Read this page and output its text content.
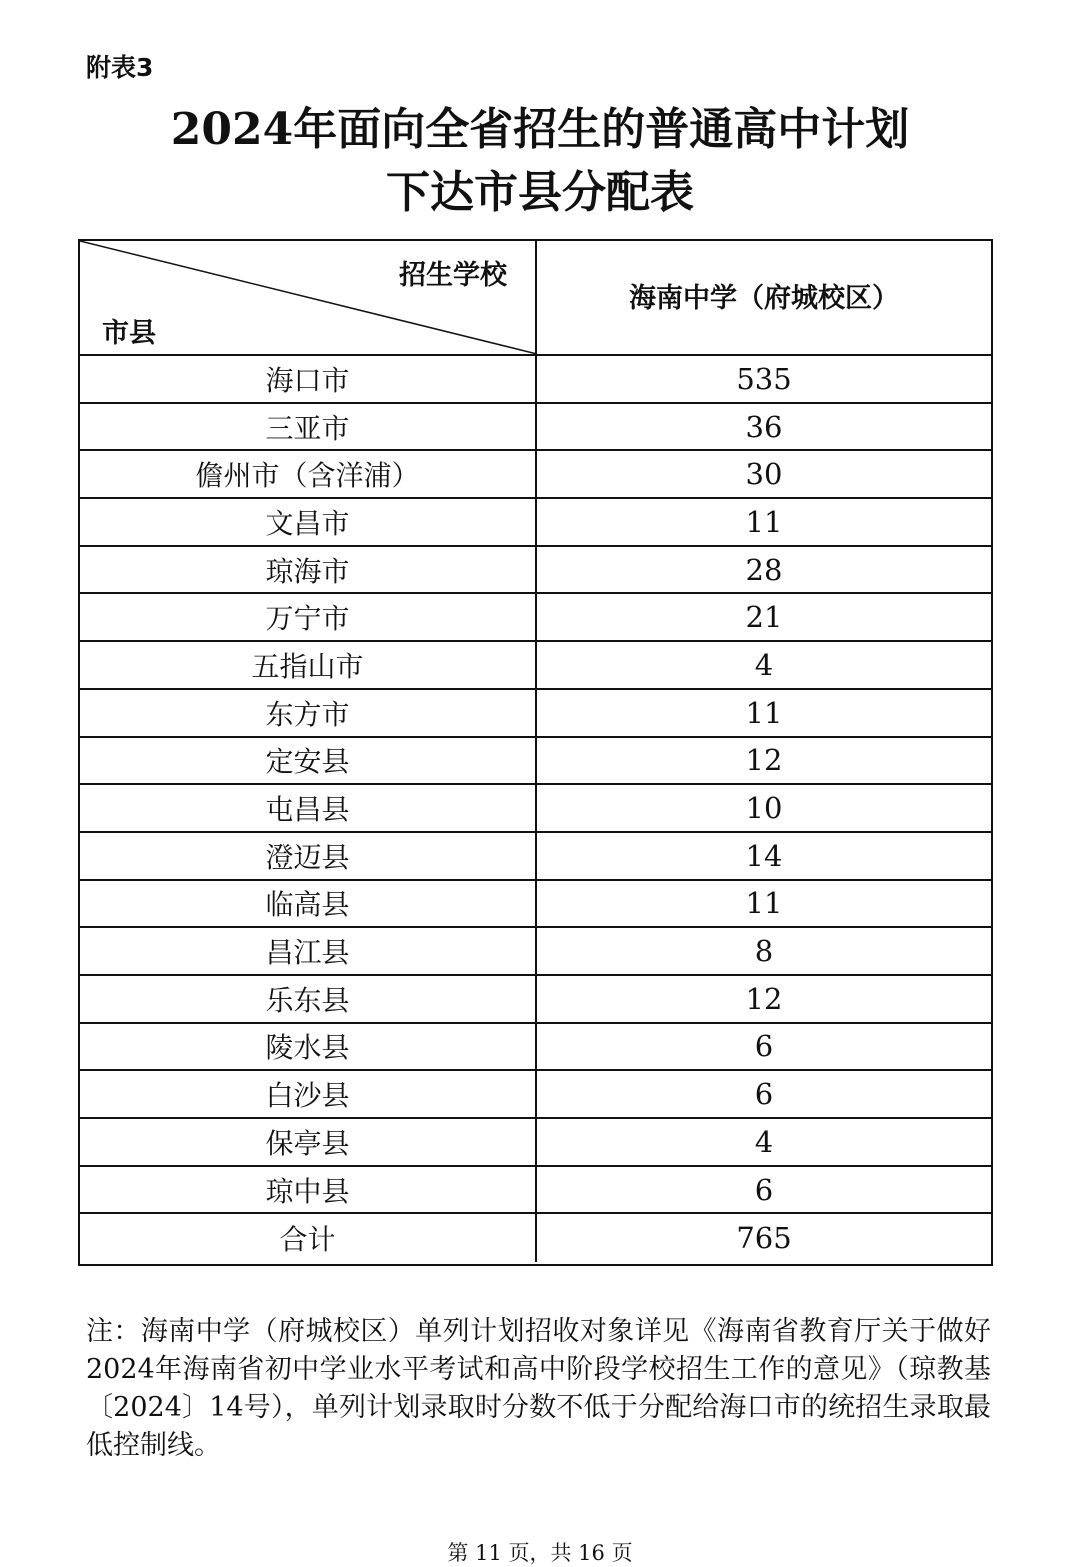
附表3
2024年面向全省招生的普通高中计划
下达市县分配表
招生学校
市县
海南中学（府城校区）
海口市	535
三亚市	36
儋州市（含洋浦）	30
文昌市	11
琼海市	28
万宁市	21
五指山市	4
东方市	11
定安县	12
屯昌县	10
澄迈县	14
临高县	11
昌江县	8
乐东县	12
陵水县	6
白沙县	6
保亭县	4
琼中县	6
合计	765
注：海南中学（府城校区）单列计划招收对象详见《海南省教育厅关于做好2024年海南省初中学业水平考试和高中阶段学校招生工作的意见》（琼教基〔2024〕14号），单列计划录取时分数不低于分配给海口市的统招生录取最低控制线。
第 11 页，共 16 页
